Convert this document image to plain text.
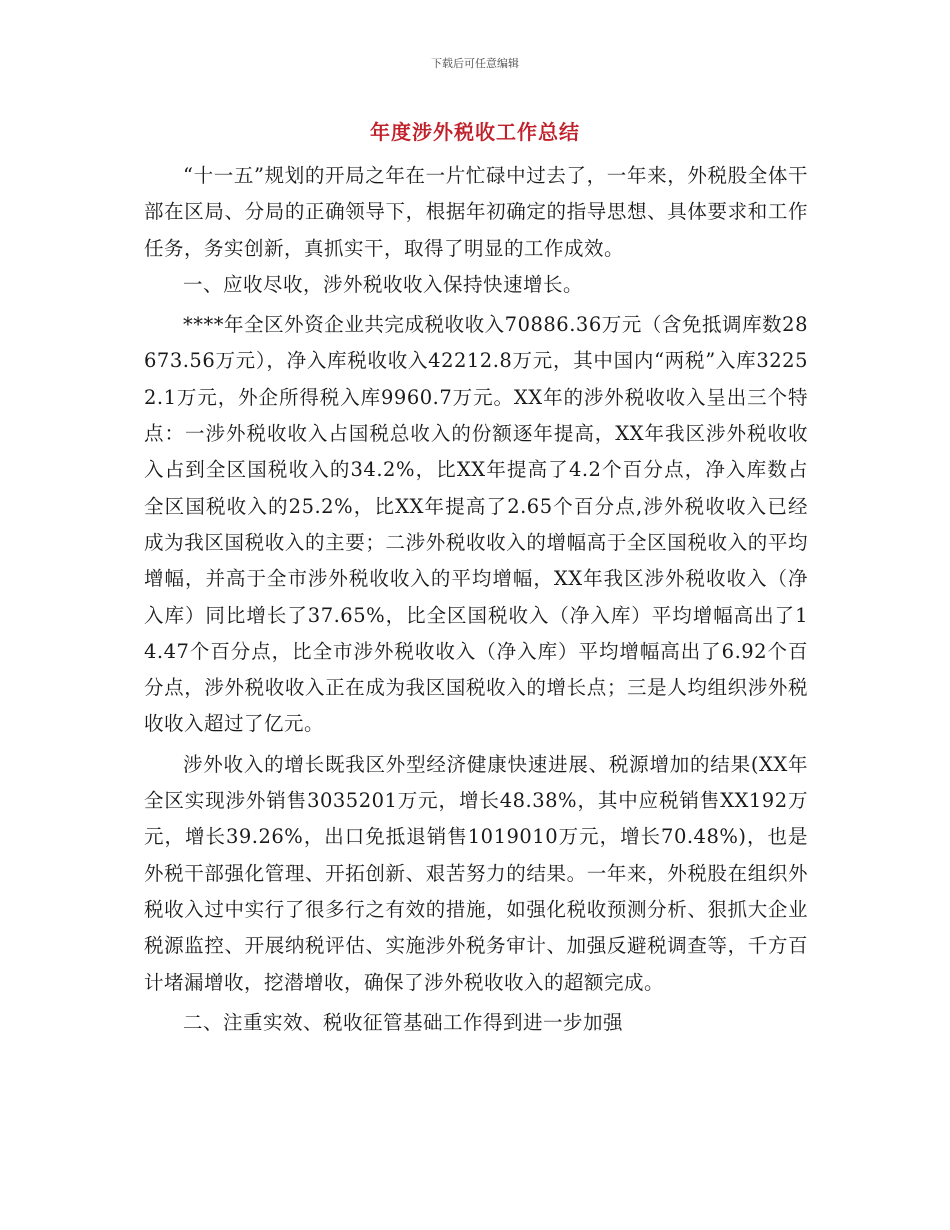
下载后可任意编辑
年度涉外税收工作总结

“十一五”规划的开局之年在一片忙碌中过去了，一年来，外税股全体干部在区局、分局的正确领导下，根据年初确定的指导思想、具体要求和工作任务，务实创新，真抓实干，取得了明显的工作成效。

一、应收尽收，涉外税收收入保持快速增长。

****年全区外资企业共完成税收收入70886.36万元（含免抵调库数28673.56万元），净入库税收收入42212.8万元，其中国内“两税”入库32252.1万元，外企所得税入库9960.7万元。XX年的涉外税收收入呈出三个特点：一涉外税收收入占国税总收入的份额逐年提高，XX年我区涉外税收收入占到全区国税收入的34.2%，比XX年提高了4.2个百分点，净入库数占全区国税收入的25.2%，比XX年提高了2.65个百分点,涉外税收收入已经成为我区国税收入的主要；二涉外税收收入的增幅高于全区国税收入的平均增幅，并高于全市涉外税收收入的平均增幅，XX年我区涉外税收收入（净入库）同比增长了37.65%，比全区国税收入（净入库）平均增幅高出了14.47个百分点，比全市涉外税收收入（净入库）平均增幅高出了6.92个百分点，涉外税收收入正在成为我区国税收入的增长点；三是人均组织涉外税收收入超过了亿元。

涉外收入的增长既我区外型经济健康快速进展、税源增加的结果(XX年全区实现涉外销售3035201万元，增长48.38%，其中应税销售XX192万元，增长39.26%，出口免抵退销售1019010万元，增长70.48%)，也是外税干部强化管理、开拓创新、艰苦努力的结果。一年来，外税股在组织外税收入过中实行了很多行之有效的措施，如强化税收预测分析、狠抓大企业税源监控、开展纳税评估、实施涉外税务审计、加强反避税调查等，千方百计堵漏增收，挖潜增收，确保了涉外税收收入的超额完成。

二、注重实效、税收征管基础工作得到进一步加强
